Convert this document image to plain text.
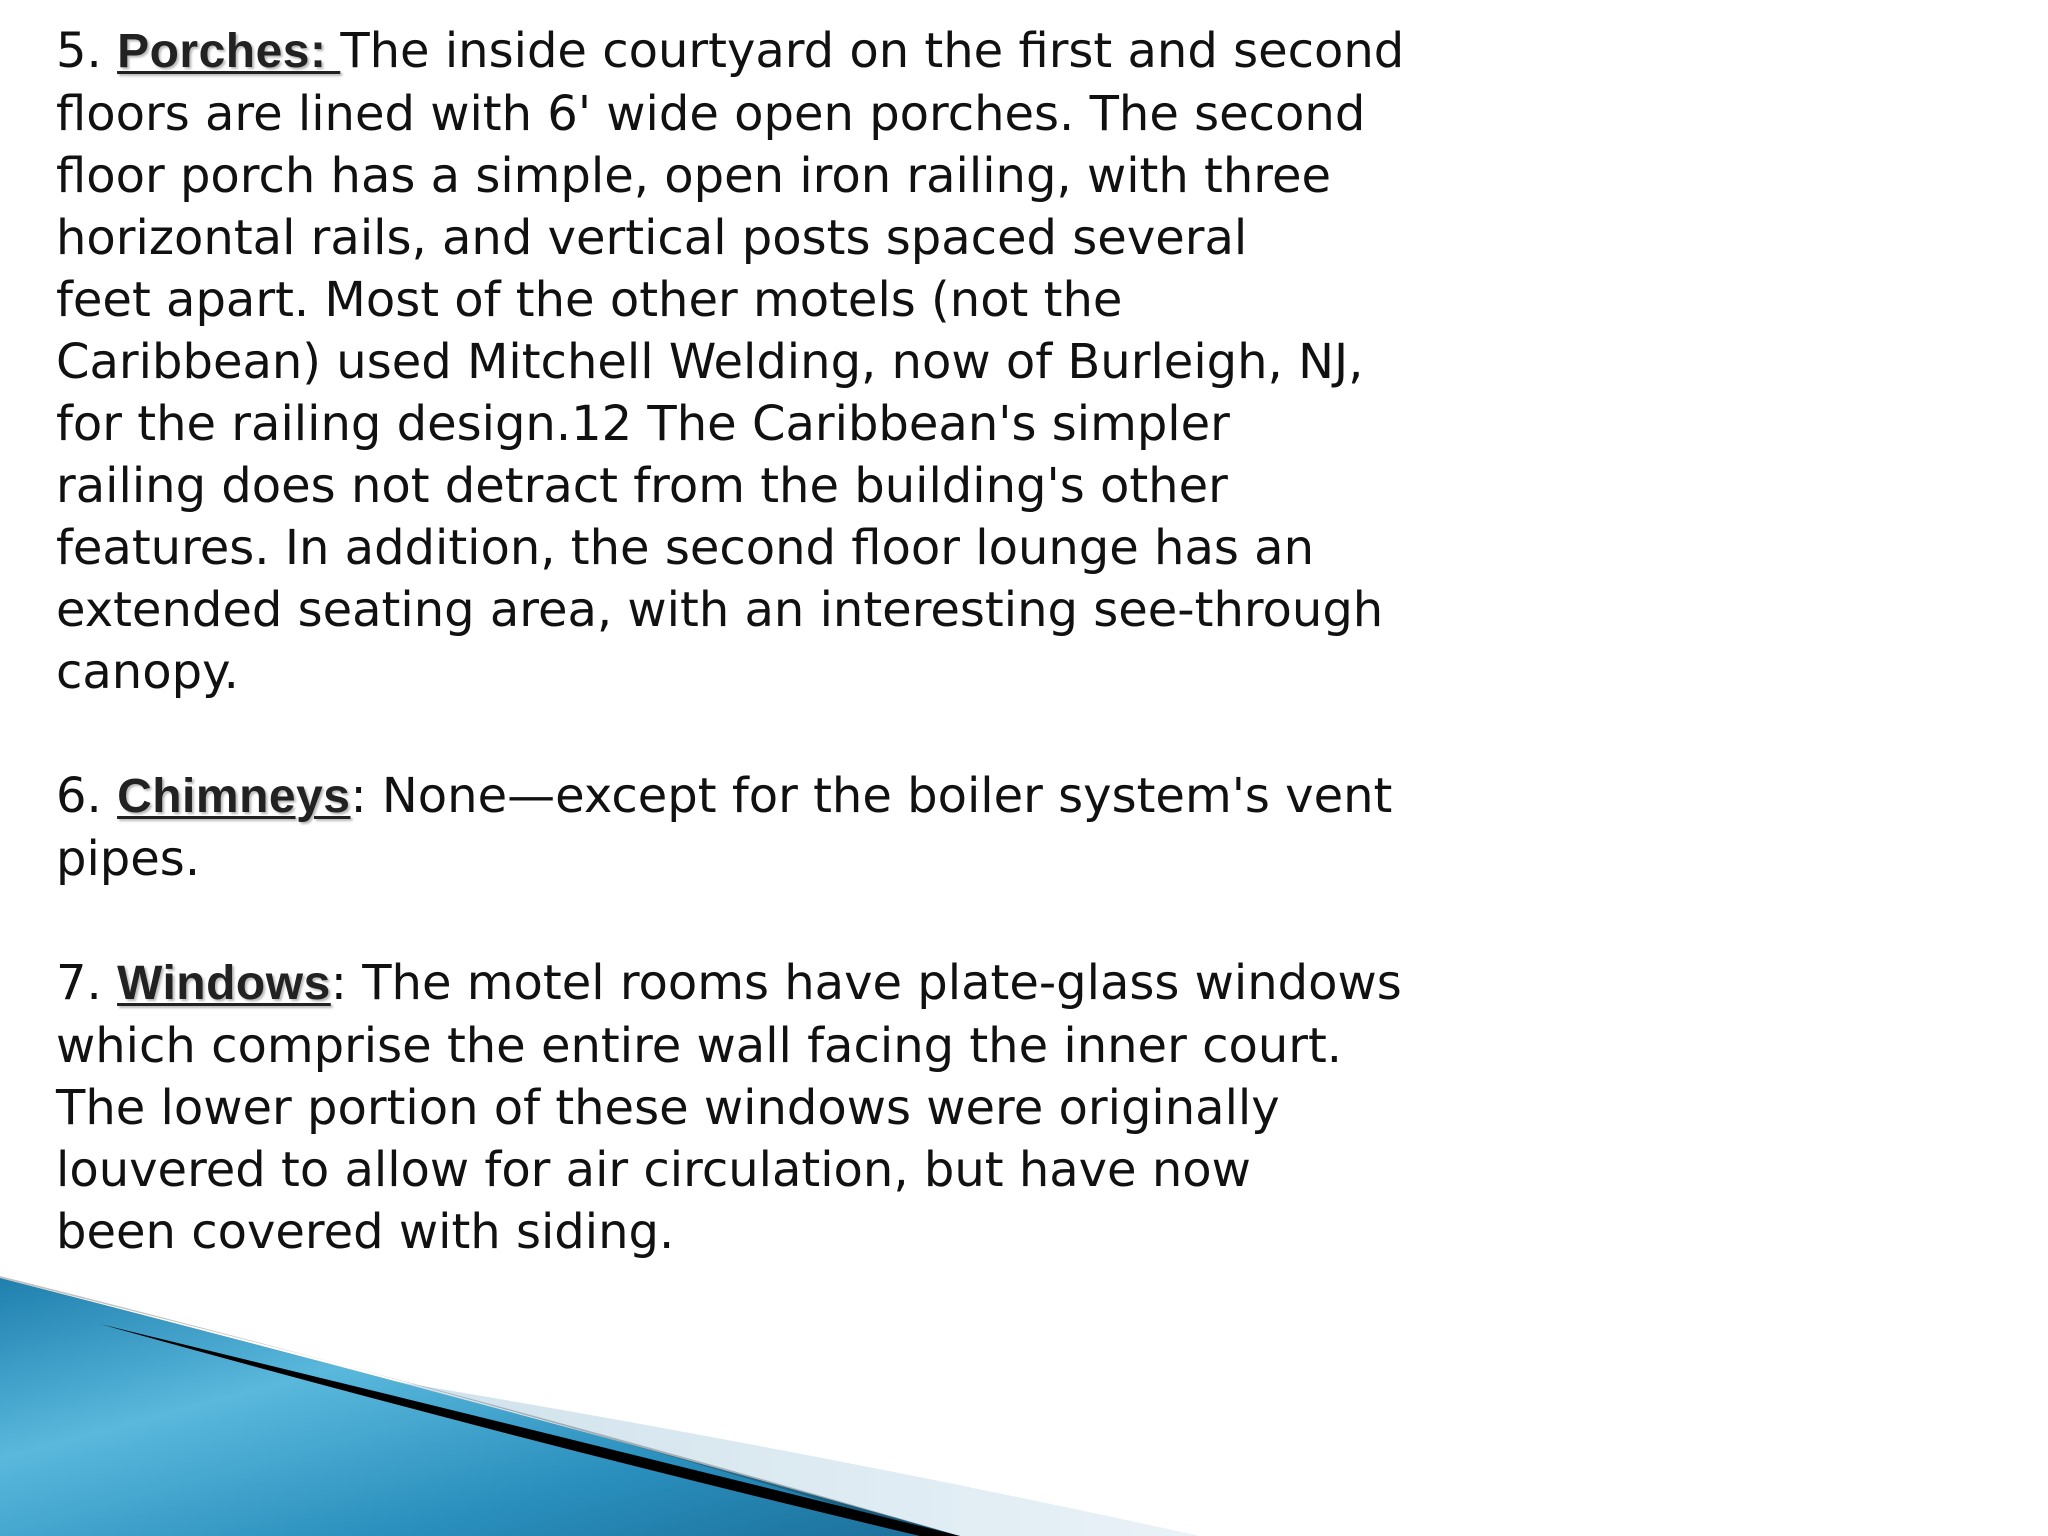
5. Porches: The inside courtyard on the first and second
floors are lined with 6' wide open porches. The second
floor porch has a simple, open iron railing, with three
horizontal rails, and vertical posts spaced several
feet apart. Most of the other motels (not the
Caribbean) used Mitchell Welding, now of Burleigh, NJ,
for the railing design.12 The Caribbean's simpler
railing does not detract from the building's other
features. In addition, the second floor lounge has an
extended seating area, with an interesting see-through
canopy.
6. Chimneys: None—except for the boiler system's vent
pipes.
7. Windows: The motel rooms have plate-glass windows
which comprise the entire wall facing the inner court.
The lower portion of these windows were originally
louvered to allow for air circulation, but have now
been covered with siding.
